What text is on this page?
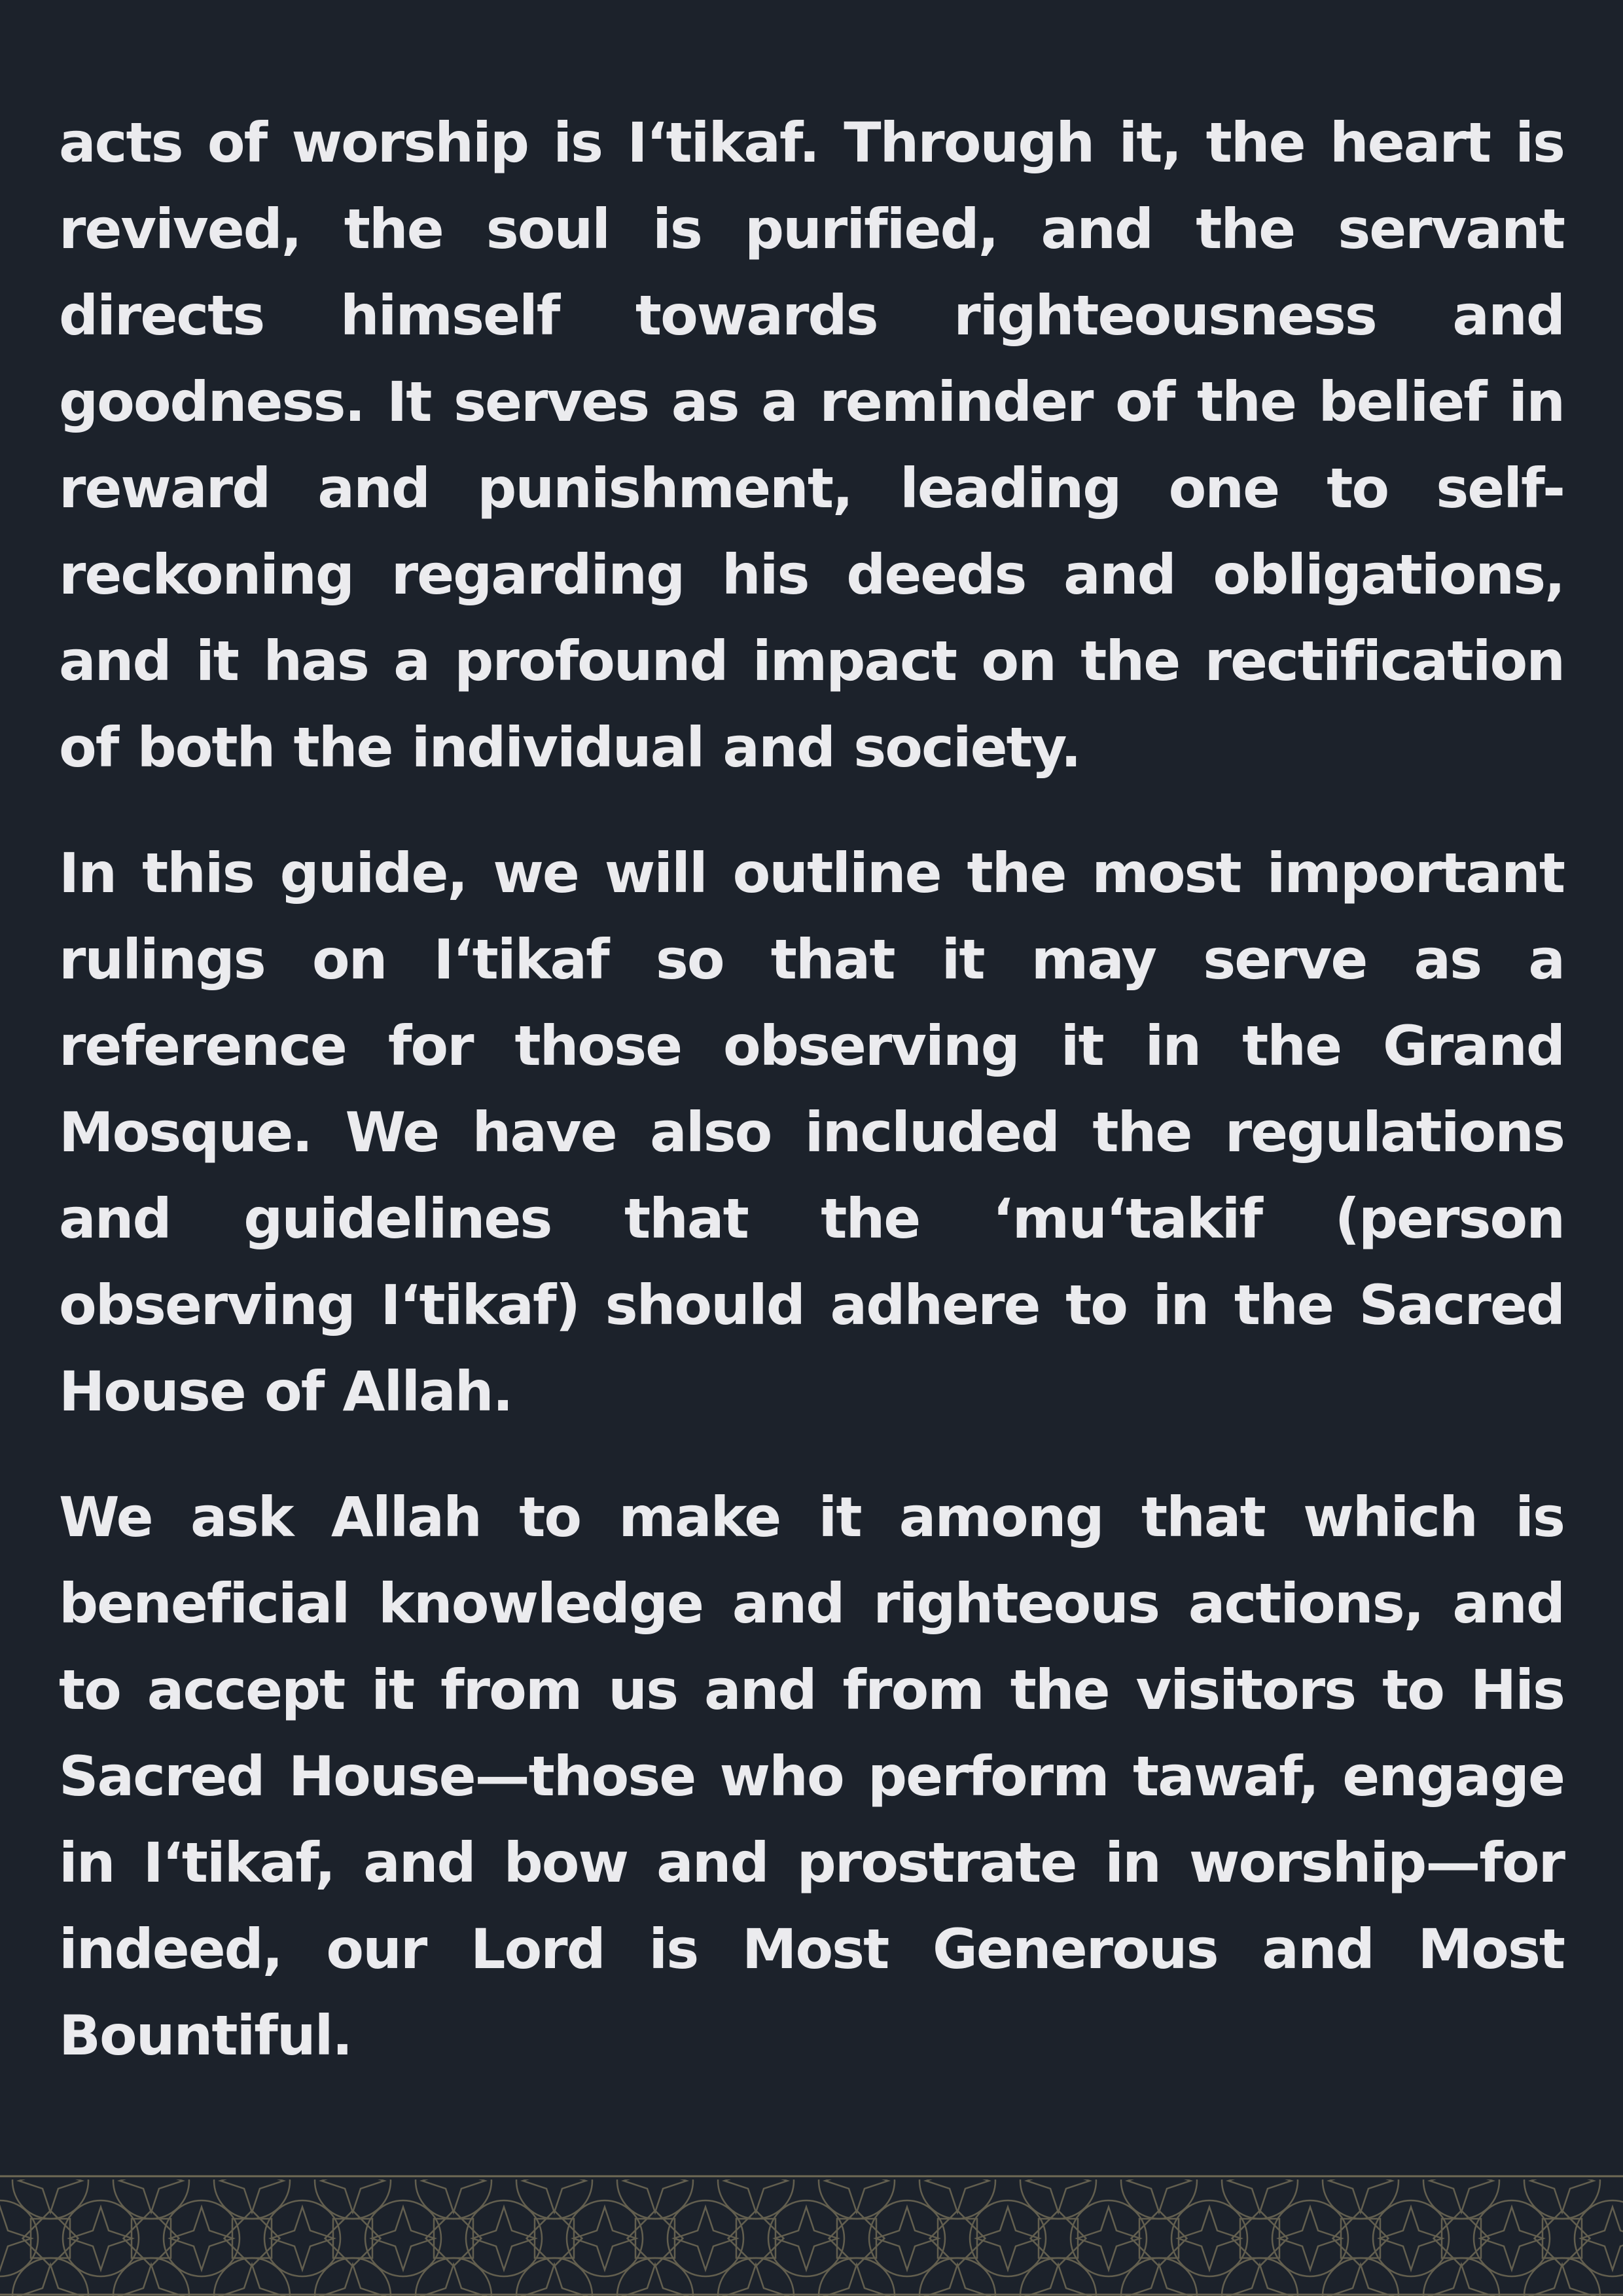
acts of worship is I‘tikaf. Through it, the heart is revived, the soul is purified, and the servant directs himself towards righteousness and goodness. It serves as a reminder of the belief in reward and punishment, leading one to self-reckoning regarding his deeds and obligations, and it has a profound impact on the rectification of both the individual and society.

In this guide, we will outline the most important rulings on I‘tikaf so that it may serve as a reference for those observing it in the Grand Mosque. We have also included the regulations and guidelines that the ‘mu‘takif (person observing I‘tikaf) should adhere to in the Sacred House of Allah.

We ask Allah to make it among that which is beneficial knowledge and righteous actions, and to accept it from us and from the visitors to His Sacred House—those who perform tawaf, engage in I‘tikaf, and bow and prostrate in worship—for indeed, our Lord is Most Generous and Most Bountiful.
